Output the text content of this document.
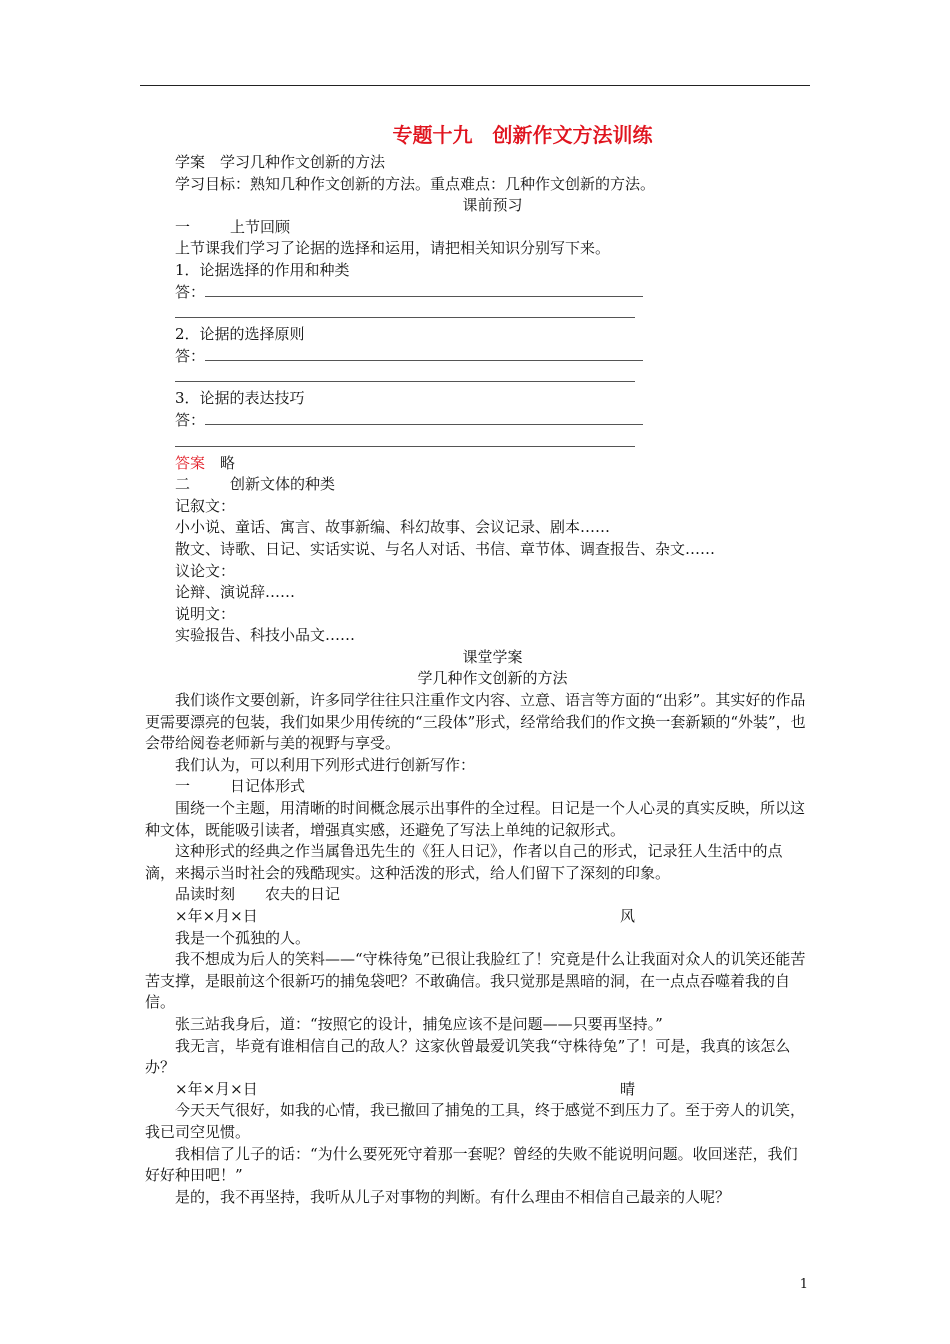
专题十九　创新作文方法训练
学案　学习几种作文创新的方法
学习目标：熟知几种作文创新的方法。重点难点：几种作文创新的方法。
课前预习
一	上节回顾
上节课我们学习了论据的选择和运用，请把相关知识分别写下来。
1．论据选择的作用和种类
答：
2．论据的选择原则
答：
3．论据的表达技巧
答：
答案　 略
二	创新文体的种类
记叙文：
小小说、童话、寓言、故事新编、科幻故事、会议记录、剧本……
散文、诗歌、日记、实话实说、与名人对话、书信、章节体、调查报告、杂文……
议论文：
论辩、演说辞……
说明文：
实验报告、科技小品文……
课堂学案
学几种作文创新的方法
我们谈作文要创新，许多同学往往只注重作文内容、立意、语言等方面的“出彩”。其实好的作品更需要漂亮的包装，我们如果少用传统的“三段体”形式，经常给我们的作文换一套新颖的“外装”，也会带给阅卷老师新与美的视野与享受。
我们认为，可以利用下列形式进行创新写作：
一	日记体形式
围绕一个主题，用清晰的时间概念展示出事件的全过程。日记是一个人心灵的真实反映，所以这种文体，既能吸引读者，增强真实感，还避免了写法上单纯的记叙形式。
这种形式的经典之作当属鲁迅先生的《狂人日记》，作者以自己的形式，记录狂人生活中的点滴，来揭示当时社会的残酷现实。这种活泼的形式，给人们留下了深刻的印象。
品读时刻 农夫的日记
×年×月×日	风
我是一个孤独的人。
我不想成为后人的笑料——“守株待兔”已很让我脸红了！究竟是什么让我面对众人的讥笑还能苦苦支撑，是眼前这个很新巧的捕兔袋吧？不敢确信。我只觉那是黑暗的洞，在一点点吞噬着我的自信。
张三站我身后，道：“按照它的设计，捕兔应该不是问题——只要再坚持。”
我无言，毕竟有谁相信自己的敌人？这家伙曾最爱讥笑我“守株待兔”了！可是，我真的该怎么办？
×年×月×日	晴
今天天气很好，如我的心情，我已撤回了捕兔的工具，终于感觉不到压力了。至于旁人的讥笑，我已司空见惯。
我相信了儿子的话：“为什么要死死守着那一套呢？曾经的失败不能说明问题。收回迷茫，我们好好种田吧！”
是的，我不再坚持，我听从儿子对事物的判断。有什么理由不相信自己最亲的人呢？
1
